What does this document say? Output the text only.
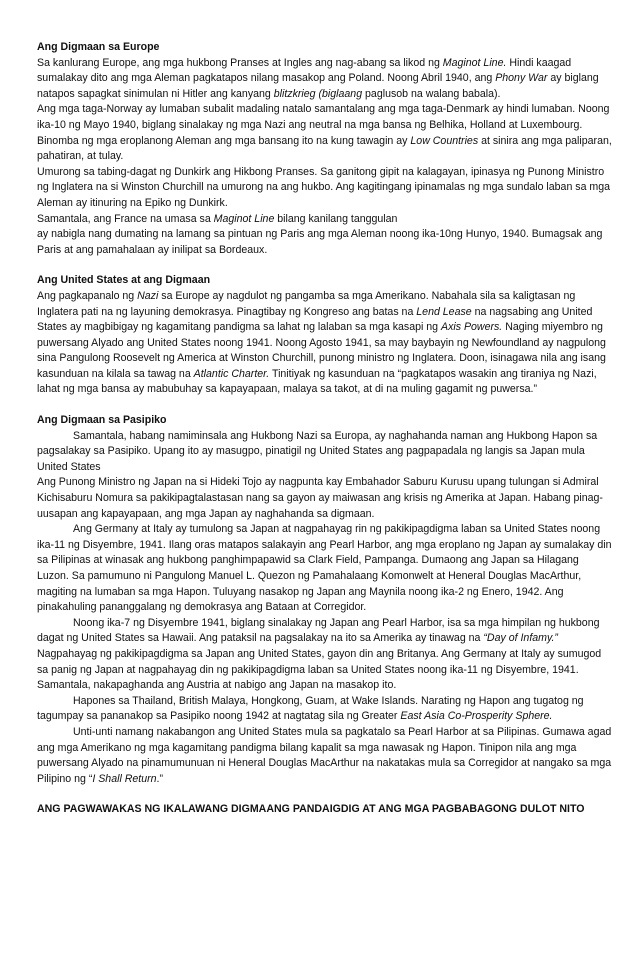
Ang Digmaan sa Europe

Sa kanlurang Europe, ang mga hukbong Pranses at Ingles ang nag-abang sa likod ng Maginot Line. Hindi kaagad sumalakay dito ang mga Aleman pagkatapos nilang masakop ang Poland. Noong Abril 1940, ang Phony War ay biglang natapos sapagkat sinimulan ni Hitler ang kanyang blitzkrieg (biglaang paglusob na walang babala).

Ang mga taga-Norway ay lumaban subalit madaling natalo samantalang ang mga taga-Denmark ay hindi lumaban. Noong ika-10 ng Mayo 1940, biglang sinalakay ng mga Nazi ang neutral na mga bansa ng Belhika, Holland at Luxembourg. Binomba ng mga eroplanong Aleman ang mga bansang ito na kung tawagin ay Low Countries at sinira ang mga paliparan, pahatiran, at tulay.

Umurong sa tabing-dagat ng Dunkirk ang Hikbong Pranses. Sa ganitong gipit na kalagayan, ipinasya ng Punong Ministro ng Inglatera na si Winston Churchill na umurong na ang hukbo. Ang kagitingang ipinamalas ng mga sundalo laban sa mga Aleman ay itinuring na Epiko ng Dunkirk.

Samantala, ang France na umasa sa Maginot Line bilang kanilang tanggulan

ay nabigla nang dumating na lamang sa pintuan ng Paris ang mga Aleman noong ika-10ng Hunyo, 1940. Bumagsak ang Paris at ang pamahalaan ay inilipat sa Bordeaux.

Ang United States at ang Digmaan

Ang pagkapanalo ng Nazi sa Europe ay nagdulot ng pangamba sa mga Amerikano. Nabahala sila sa kaligtasan ng Inglatera pati na ng layuning demokrasya. Pinagtibay ng Kongreso ang batas na Lend Lease na nagsabing ang United States ay magbibigay ng kagamitang pandigma sa lahat ng lalaban sa mga kasapi ng Axis Powers. Naging miyembro ng puwersang Alyado ang United States noong 1941. Noong Agosto 1941, sa may baybayin ng Newfoundland ay nagpulong sina Pangulong Roosevelt ng America at Winston Churchill, punong ministro ng Inglatera. Doon, isinagawa nila ang isang kasunduan na kilala sa tawag na Atlantic Charter. Tinitiyak ng kasunduan na “pagkatapos wasakin ang tiraniya ng Nazi, lahat ng mga bansa ay mabubuhay sa kapayapaan, malaya sa takot, at di na muling gagamit ng puwersa.”

Ang Digmaan sa Pasipiko

Samantala, habang namiminsala ang Hukbong Nazi sa Europa, ay naghahanda naman ang Hukbong Hapon sa pagsalakay sa Pasipiko. Upang ito ay masugpo, pinatigil ng United States ang pagpapadala ng langis sa Japan mula United States

Ang Punong Ministro ng Japan na si Hideki Tojo ay nagpunta kay Embahador Saburu Kurusu upang tulungan si Admiral Kichisaburu Nomura sa pakikipagtalastasan nang sa gayon ay maiwasan ang krisis ng Amerika at Japan. Habang pinag-uusapan ang kapayapaan, ang mga Japan ay naghahanda sa digmaan.

Ang Germany at Italy ay tumulong sa Japan at nagpahayag rin ng pakikipagdigma laban sa United States noong ika-11 ng Disyembre, 1941. Ilang oras matapos salakayin ang Pearl Harbor, ang mga eroplano ng Japan ay sumalakay din sa Pilipinas at winasak ang hukbong panghimpapawid sa Clark Field, Pampanga. Dumaong ang Japan sa Hilagang Luzon. Sa pamumuno ni Pangulong Manuel L. Quezon ng Pamahalaang Komonwelt at Heneral Douglas MacArthur, magiting na lumaban sa mga Hapon. Tuluyang nasakop ng Japan ang Maynila noong ika-2 ng Enero, 1942. Ang pinakahuling pananggalang ng demokrasya ang Bataan at Corregidor.

Noong ika-7 ng Disyembre 1941, biglang sinalakay ng Japan ang Pearl Harbor, isa sa mga himpilan ng hukbong dagat ng United States sa Hawaii. Ang pataksil na pagsalakay na ito sa Amerika ay tinawag na “Day of Infamy.”

Nagpahayag ng pakikipagdigma sa Japan ang United States, gayon din ang Britanya. Ang Germany at Italy ay sumugod sa panig ng Japan at nagpahayag din ng pakikipagdigma laban sa United States noong ika-11 ng Disyembre, 1941. Samantala, nakapaghanda ang Austria at nabigo ang Japan na masakop ito.

Hapones sa Thailand, British Malaya, Hongkong, Guam, at Wake Islands. Narating ng Hapon ang tugatog ng tagumpay sa pananakop sa Pasipiko noong 1942 at nagtatag sila ng Greater East Asia Co-Prosperity Sphere.

Unti-unti namang nakabangon ang United States mula sa pagkatalo sa Pearl Harbor at sa Pilipinas. Gumawa agad ang mga Amerikano ng mga kagamitang pandigma bilang kapalit sa mga nawasak ng Hapon. Tinipon nila ang mga puwersang Alyado na pinamumunuan ni Heneral Douglas MacArthur na nakatakas mula sa Corregidor at nangako sa mga Pilipino ng “I Shall Return.”

ANG PAGWAWAKAS NG IKALAWANG DIGMAANG PANDAIGDIG AT ANG MGA PAGBABAGONG DULOT NITO
